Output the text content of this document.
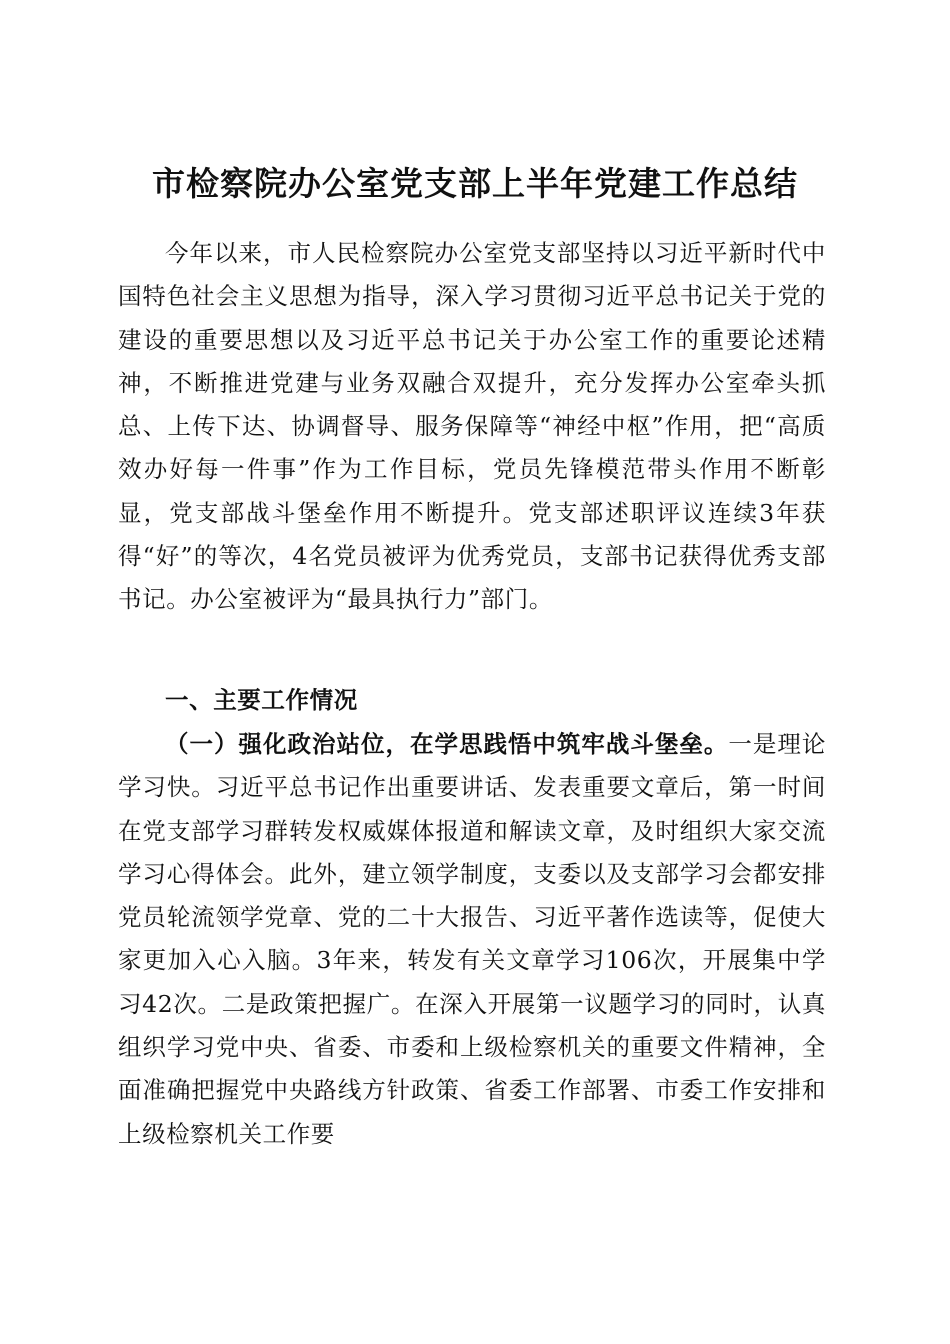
市检察院办公室党支部上半年党建工作总结

今年以来，市人民检察院办公室党支部坚持以习近平新时代中国特色社会主义思想为指导，深入学习贯彻习近平总书记关于党的建设的重要思想以及习近平总书记关于办公室工作的重要论述精神，不断推进党建与业务双融合双提升，充分发挥办公室牵头抓总、上传下达、协调督导、服务保障等“神经中枢”作用，把“高质效办好每一件事”作为工作目标，党员先锋模范带头作用不断彰显，党支部战斗堡垒作用不断提升。党支部述职评议连续3年获得“好”的等次，4名党员被评为优秀党员，支部书记获得优秀支部书记。办公室被评为“最具执行力”部门。

一、主要工作情况

（一）强化政治站位，在学思践悟中筑牢战斗堡垒。一是理论学习快。习近平总书记作出重要讲话、发表重要文章后，第一时间在党支部学习群转发权威媒体报道和解读文章，及时组织大家交流学习心得体会。此外，建立领学制度，支委以及支部学习会都安排党员轮流领学党章、党的二十大报告、习近平著作选读等，促使大家更加入心入脑。3年来，转发有关文章学习106次，开展集中学习42次。二是政策把握广。在深入开展第一议题学习的同时，认真组织学习党中央、省委、市委和上级检察机关的重要文件精神，全面准确把握党中央路线方针政策、省委工作部署、市委工作安排和上级检察机关工作要
